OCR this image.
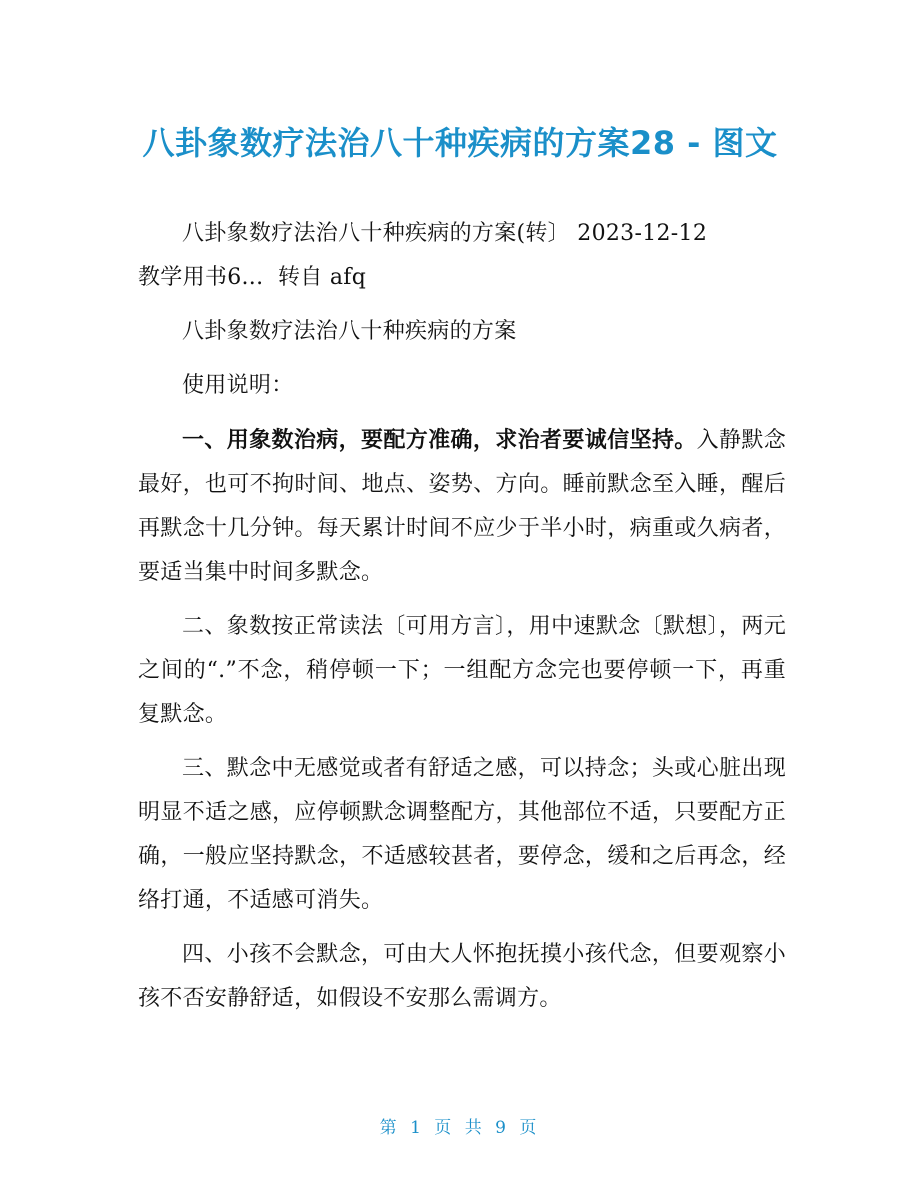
八卦象数疗法治八十种疾病的方案28 - 图文

八卦象数疗法治八十种疾病的方案(转〕 2023-12-12

教学用书6...  转自 afq

八卦象数疗法治八十种疾病的方案

使用说明：

一、用象数治病，要配方准确，求治者要诚信坚持。入静默念最好，也可不拘时间、地点、姿势、方向。睡前默念至入睡，醒后再默念十几分钟。每天累计时间不应少于半小时，病重或久病者，要适当集中时间多默念。

二、象数按正常读法〔可用方言〕，用中速默念〔默想〕，两元之间的“.”不念，稍停顿一下；一组配方念完也要停顿一下，再重复默念。

三、默念中无感觉或者有舒适之感，可以持念；头或心脏出现明显不适之感，应停顿默念调整配方，其他部位不适，只要配方正确，一般应坚持默念，不适感较甚者，要停念，缓和之后再念，经络打通，不适感可消失。

四、小孩不会默念，可由大人怀抱抚摸小孩代念，但要观察小孩不否安静舒适，如假设不安那么需调方。

第 1 页 共 9 页
